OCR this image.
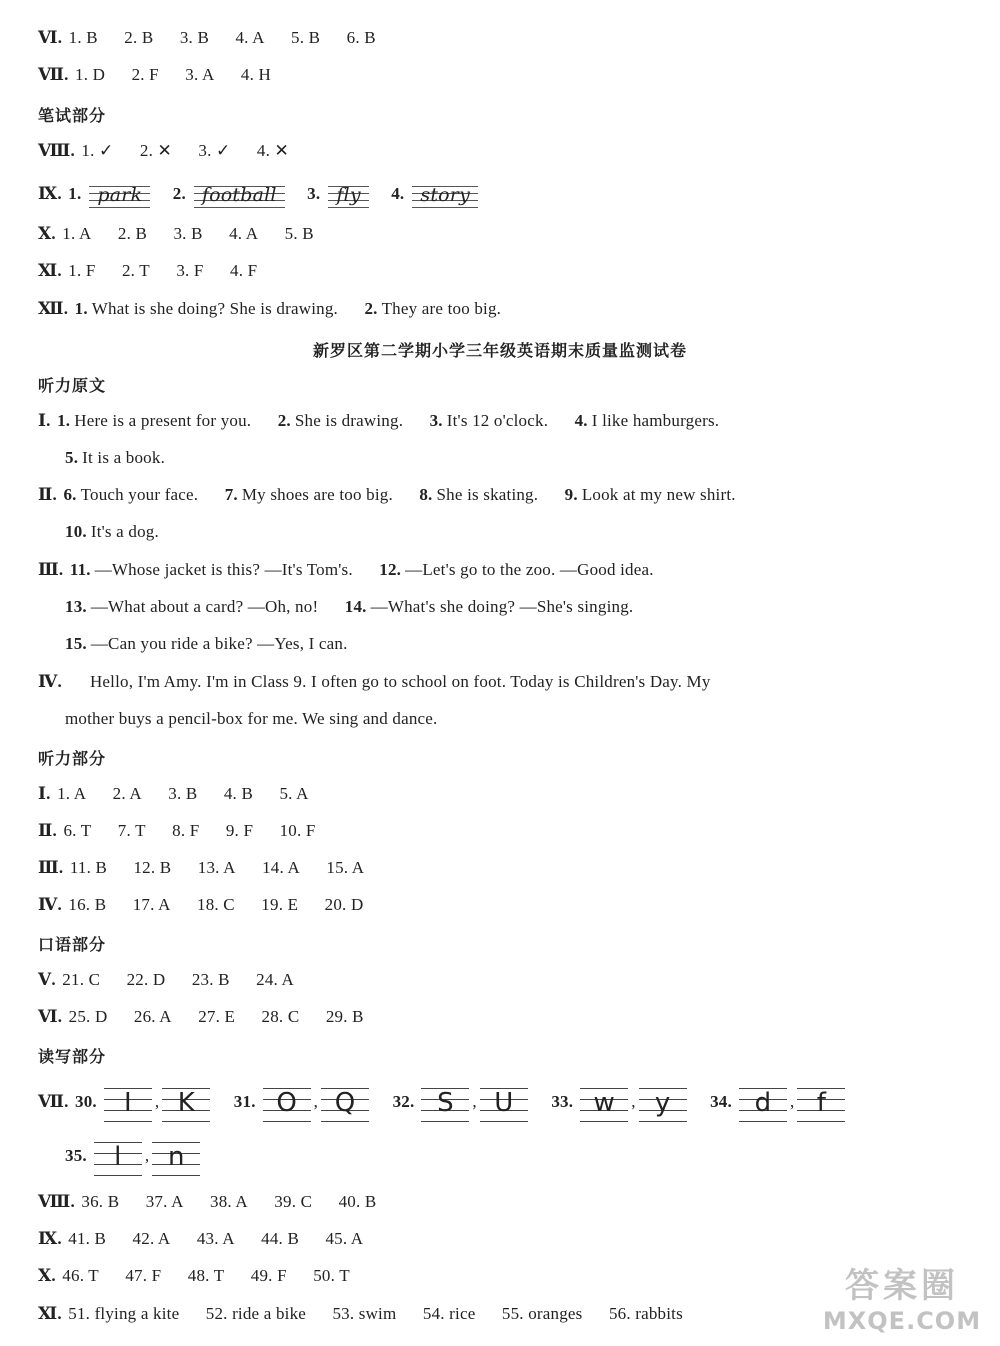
Ⅵ. 1. B 2. B 3. B 4. A 5. B 6. B
Ⅶ. 1. D 2. F 3. A 4. H
笔试部分
Ⅷ. 1. ✓ 2. ✕ 3. ✓ 4. ✕
Ⅸ. 1. park 2. football 3. fly 4. story
Ⅹ. 1. A 2. B 3. B 4. A 5. B
Ⅺ. 1. F 2. T 3. F 4. F
Ⅻ. 1. What is she doing? She is drawing. 2. They are too big.
新罗区第二学期小学三年级英语期末质量监测试卷
听力原文
Ⅰ. 1. Here is a present for you. 2. She is drawing. 3. It's 12 o'clock. 4. I like hamburgers.
5. It is a book.
Ⅱ. 6. Touch your face. 7. My shoes are too big. 8. She is skating. 9. Look at my new shirt.
10. It's a dog.
Ⅲ. 11. —Whose jacket is this? —It's Tom's. 12. —Let's go to the zoo. —Good idea.
13. —What about a card? —Oh, no! 14. —What's she doing? —She's singing.
15. —Can you ride a bike? —Yes, I can.
Ⅳ. Hello, I'm Amy. I'm in Class 9. I often go to school on foot. Today is Children's Day. My
mother buys a pencil-box for me. We sing and dance.
听力部分
Ⅰ. 1. A 2. A 3. B 4. B 5. A
Ⅱ. 6. T 7. T 8. F 9. F 10. F
Ⅲ. 11. B 12. B 13. A 14. A 15. A
Ⅳ. 16. B 17. A 18. C 19. E 20. D
口语部分
Ⅴ. 21. C 22. D 23. B 24. A
Ⅵ. 25. D 26. A 27. E 28. C 29. B
读写部分
Ⅶ. 30. I , K 31. O , Q 32. S , U 33. w , y 34. d , f
35. l , n
Ⅷ. 36. B 37. A 38. A 39. C 40. B
Ⅸ. 41. B 42. A 43. A 44. B 45. A
Ⅹ. 46. T 47. F 48. T 49. F 50. T
Ⅺ. 51. flying a kite 52. ride a bike 53. swim 54. rice 55. oranges 56. rabbits
答案圈
MXQE.COM
